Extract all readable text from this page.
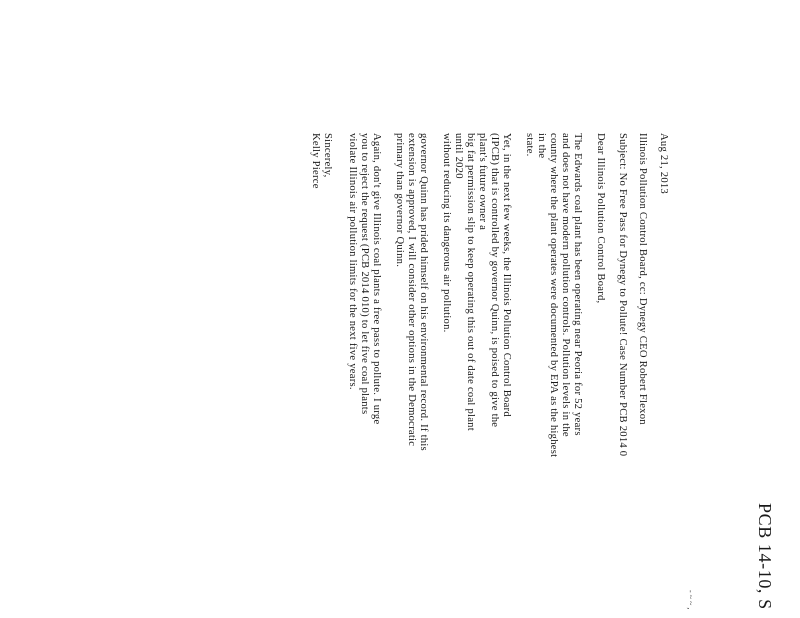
PCB 14-10, S
- ~ ~ ,
Aug 21, 2013
Illinois Pollution Control Board, cc: Dynegy CEO Robert Flexon
Subject: No Free Pass for Dynegy to Pollute! Case Number PCB 2014 0
Dear Illinois Pollution Control Board,
The Edwards coal plant has been operating near Peoria for 52 years
and does not have modern pollution controls. Pollution levels in the
county where the plant operates were documented by EPA as the highest
in the
state.
Yet, in the next few weeks, the Illinois Pollution Control Board
(IPCB) that is controlled by governor Quinn, is poised to give the
plant's future owner a
big fat permission slip to keep operating this out of date coal plant
until 2020
without reducing its dangerous air pollution.
governor Quinn has prided himself on his environmental record. If this
extension is approved, I will consider other options in the Democratic
primary than governor Quinn.
Again, don't give Illinois coal plants a free pass to pollute. I urge
you to reject the request (PCB 2014 010) to let five coal plants
violate Illinois air pollution limits for the next five years.
Sincerely,
Kelly Pierce
